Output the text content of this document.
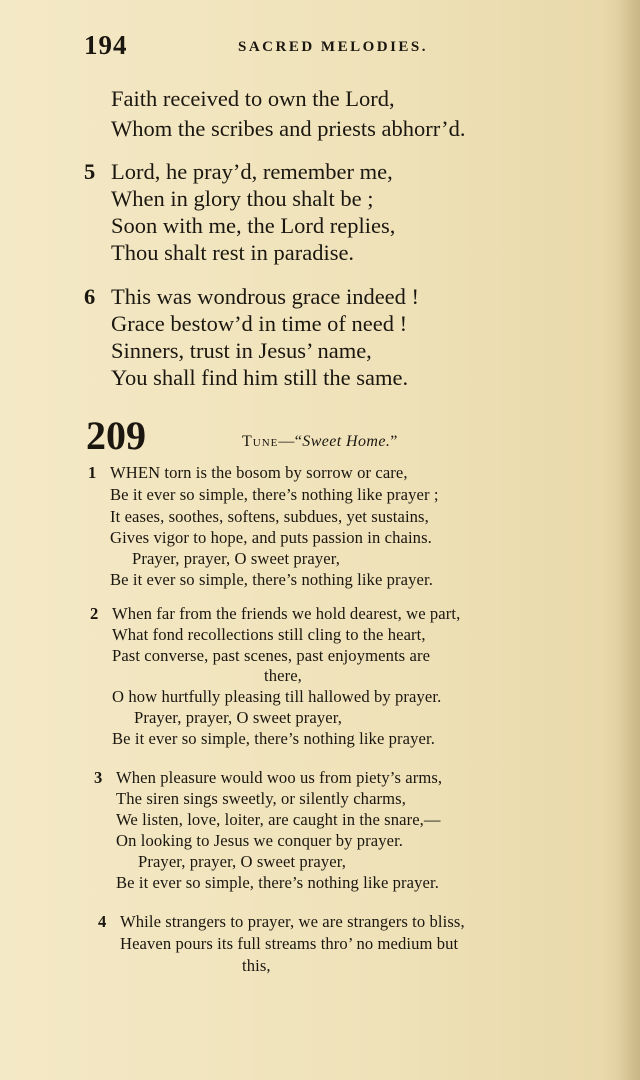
194	SACRED MELODIES.
Faith received to own the Lord,
Whom the scribes and priests abhorr’d.
5 Lord, he pray’d, remember me,
When in glory thou shalt be ;
Soon with me, the Lord replies,
Thou shalt rest in paradise.
6 This was wondrous grace indeed !
Grace bestow’d in time of need !
Sinners, trust in Jesus’ name,
You shall find him still the same.
209	Tune—“Sweet Home.”
1 WHEN torn is the bosom by sorrow or care,
Be it ever so simple, there’s nothing like prayer ;
It eases, soothes, softens, subdues, yet sustains,
Gives vigor to hope, and puts passion in chains.
Prayer, prayer, O sweet prayer,
Be it ever so simple, there’s nothing like prayer.
2 When far from the friends we hold dearest, we part,
What fond recollections still cling to the heart,
Past converse, past scenes, past enjoyments are
there,
O how hurtfully pleasing till hallowed by prayer.
Prayer, prayer, O sweet prayer,
Be it ever so simple, there’s nothing like prayer.
3 When pleasure would woo us from piety’s arms,
The siren sings sweetly, or silently charms,
We listen, love, loiter, are caught in the snare,—
On looking to Jesus we conquer by prayer.
Prayer, prayer, O sweet prayer,
Be it ever so simple, there’s nothing like prayer.
4 While strangers to prayer, we are strangers to bliss,
Heaven pours its full streams thro’ no medium but
this,
